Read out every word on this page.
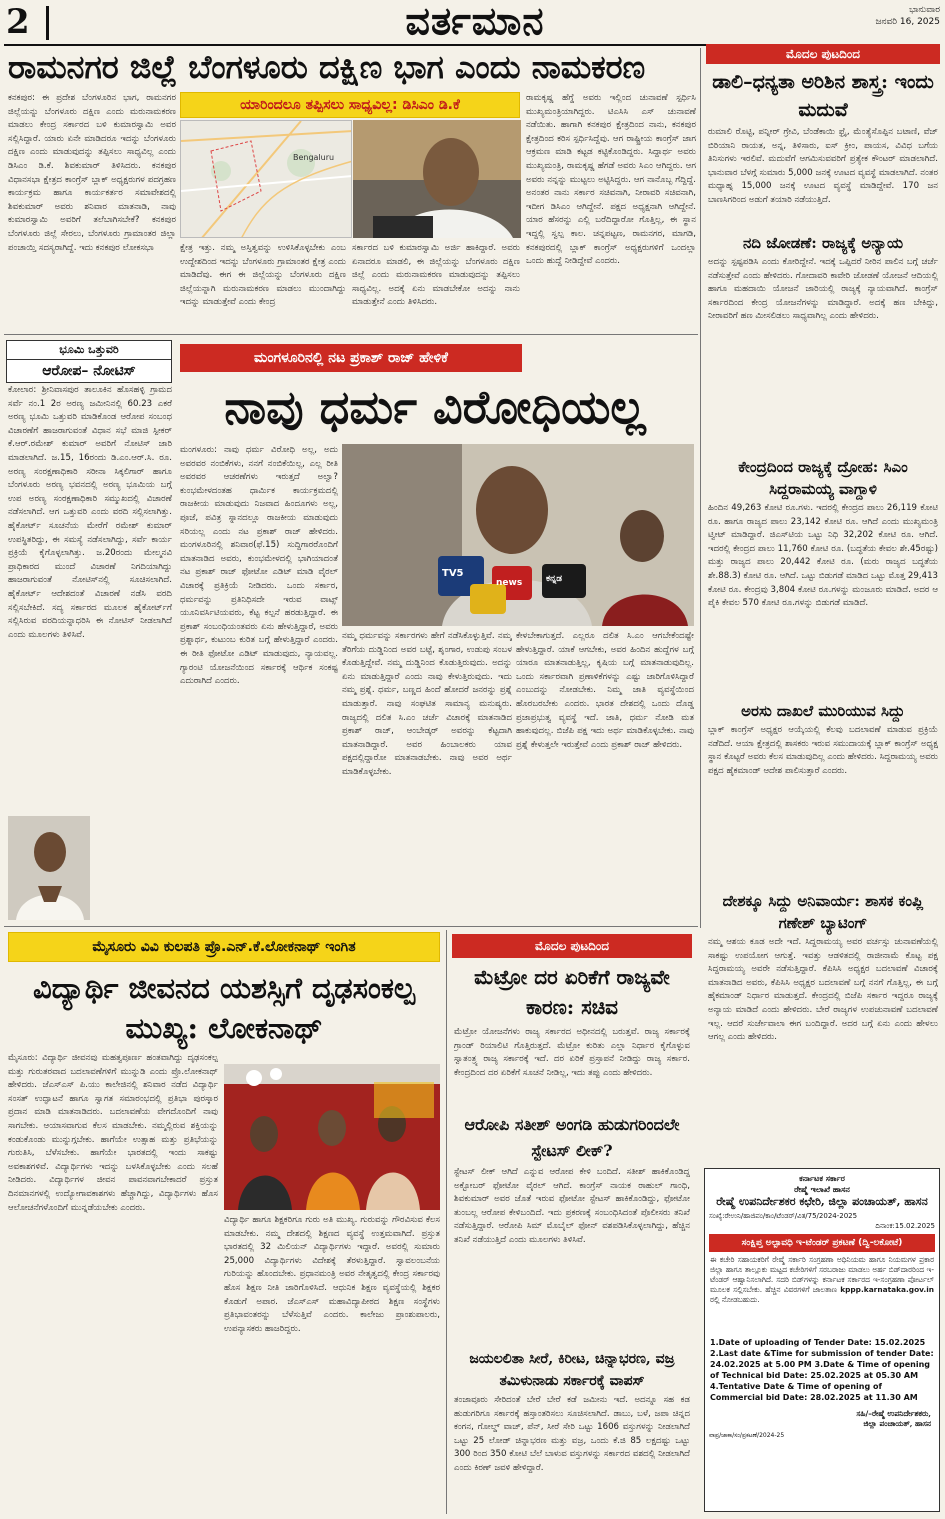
2	ವರ್ತಮಾನ	ಭಾನುವಾರ
ಜನವರಿ 16, 2025
ರಾಮನಗರ ಜಿಲ್ಲೆ ಬೆಂಗಳೂರು ದಕ್ಷಿಣ ಭಾಗ ಎಂದು ನಾಮಕರಣ
ಯಾರಿಂದಲೂ ತಪ್ಪಿಸಲು ಸಾಧ್ಯವಿಲ್ಲ: ಡಿಸಿಎಂ ಡಿ.ಕೆ
Bengaluru
ಕನಕಪುರ: ಈ ಪ್ರದೇಶ ಬೆಂಗಳೂರಿನ ಭಾಗ, ರಾಮನಗರ ಜಿಲ್ಲೆಯನ್ನು ಬೆಂಗಳೂರು ದಕ್ಷಿಣ ಎಂದು ಮರುನಾಮಕರಣ ಮಾಡಲು ಕೇಂದ್ರ ಸರ್ಕಾರದ ಬಳಿ ಕುಮಾರಸ್ವಾಮಿ ಅವರ ಸಲ್ಲಿಸಿದ್ದಾರೆ. ಯಾರು ಏನೇ ಮಾಡಿದರೂ ಇದನ್ನು ಬೆಂಗಳೂರು ದಕ್ಷಿಣ ಎಂದು ಮಾಡುವುದನ್ನು ತಪ್ಪಿಸಲು ಸಾಧ್ಯವಿಲ್ಲ ಎಂದು ಡಿಸಿಎಂ ಡಿ.ಕೆ. ಶಿವಕುಮಾರ್ ತಿಳಿಸಿದರು. ಕನಕಪುರ ವಿಧಾನಸಭಾ ಕ್ಷೇತ್ರದ ಕಾಂಗ್ರೆಸ್ ಬ್ಲಾಕ್ ಅಧ್ಯಕ್ಷರುಗಳ ಪದಗ್ರಹಣ ಕಾರ್ಯಕ್ರಮ ಹಾಗೂ ಕಾರ್ಯಕರ್ತರ ಸಮಾವೇಶದಲ್ಲಿ ಶಿವಕುಮಾರ್ ಅವರು ಶನಿವಾರ ಮಾತನಾಡಿ, ನಾವು ಕುಮಾರಸ್ವಾಮಿ ಅವರಿಗೆ ತಲೆಬಾಗಿಸಬೇಕೆ? ಕನಕಪುರ ಬೆಂಗಳೂರು ಜಿಲ್ಲೆ ಸೇರಲು, ಬೆಂಗಳೂರು ಗ್ರಾಮಾಂತರ ಜಿಲ್ಲಾ ಪಂಚಾಯ್ತಿ ಸದಸ್ಯರಾಗಿದ್ದೆ. ಇದು ಕನಕಪುರ ಲೋಕಸಭಾ	ಕ್ಷೇತ್ರ ಇತ್ತು. ನಮ್ಮ ಅಸ್ತಿತ್ವವನ್ನು ಉಳಿಸಿಕೊಳ್ಳಬೇಕು ಎಂಬ ಉದ್ದೇಶದಿಂದ ಇದನ್ನು ಬೆಂಗಳೂರು ಗ್ರಾಮಾಂತರ ಕ್ಷೇತ್ರ ಎಂದು ಮಾಡಿದೆವು. ಈಗ ಈ ಜಿಲ್ಲೆಯನ್ನು ಬೆಂಗಳೂರು ದಕ್ಷಿಣ ಜಿಲ್ಲೆಯನ್ನಾಗಿ ಮರುನಾಮಕರಣ ಮಾಡಲು ಮುಂದಾಗಿದ್ದು ಇದನ್ನು ಮಾಡುತ್ತೇವೆ ಎಂದು ಕೇಂದ್ರ
ಸರ್ಕಾರದ ಬಳಿ ಕುಮಾರಸ್ವಾಮಿ ಅರ್ಜಿ ಹಾಕಿದ್ದಾರೆ. ಅವರು ಏನಾದರೂ ಮಾಡಲಿ, ಈ ಜಿಲ್ಲೆಯನ್ನು ಬೆಂಗಳೂರು ದಕ್ಷಿಣ ಜಿಲ್ಲೆ ಎಂದು ಮರುನಾಮಕರಣ ಮಾಡುವುದನ್ನು ತಪ್ಪಿಸಲು ಸಾಧ್ಯವಿಲ್ಲ. ಅದಕ್ಕೆ ಏನು ಮಾಡಬೇಕೋ ಅದನ್ನು ನಾನು ಮಾಡುತ್ತೇನೆ ಎಂದು ತಿಳಿಸಿದರು.
ರಾಮಕೃಷ್ಣ ಹೆಗ್ಡೆ ಅವರು ಇಲ್ಲಿಂದ ಚುನಾವಣೆ ಸ್ಪರ್ಧಿಸಿ ಮುಖ್ಯಮಂತ್ರಿಯಾಗಿದ್ದರು. ಟಿಎಸಿಸಿ ಎಸ್ ಚುನಾವಣೆ ನಡೆಯಿತು. ಹಾಗಾಗಿ ಕನಕಪುರ ಕ್ಷೇತ್ರದಿಂದ ನಾನು, ಕನಕಪುರ ಕ್ಷೇತ್ರದಿಂದ ಕರಿಸ ಸ್ಪರ್ಧಿಸಿದ್ದೆವು. ಆಗ ರಾಷ್ಟ್ರೀಯ ಕಾಂಗ್ರೆಸ್ ಜಾಗ ಆಕ್ರಮಣ ಮಾಡಿ ಕಟ್ಟಡ ಕಟ್ಟಿಕೊಂಡಿದ್ದರು. ಸಿದ್ದಾರ್ಥ ಅವರು ಮುಖ್ಯಮಂತ್ರಿ, ರಾಮಕೃಷ್ಣ ಹೆಗಡೆ ಅವರು ಸಿಎಂ ಆಗಿದ್ದರು. ಆಗ ಅವರು ನನ್ನನ್ನು ಮುಟ್ಟಲು ಅಟ್ಟಿಸಿದ್ದರು. ಆಗ ನಾನೊಬ್ಬ ಗೆದ್ದಿದ್ದೆ. ಅನಂತರ ನಾನು ಸರ್ಕಾರ ಸಚಿವನಾಗಿ, ನೀರಾವರಿ ಸಚಿವನಾಗಿ, ಇದೀಗ ಡಿಸಿಎಂ ಆಗಿದ್ದೇನೆ. ಪಕ್ಷದ ಅಧ್ಯಕ್ಷನಾಗಿ ಆಗಿದ್ದೇನೆ. ಯಾರ ಹೆಸರನ್ನು ಎಲ್ಲಿ ಬರೆದಿದ್ದಾರೋ ಗೊತ್ತಿಲ್ಲ, ಈ ಸ್ಥಾನ ಇದ್ದಲ್ಲಿ ಸ್ವಲ್ಪ ಕಾಲ. ಚನ್ನಪಟ್ಟಣ, ರಾಮನಗರ, ಮಾಗಡಿ, ಕನಕಪುರದಲ್ಲಿ ಬ್ಲಾಕ್ ಕಾಂಗ್ರೆಸ್ ಅಧ್ಯಕ್ಷರುಗಳಿಗೆ ಒಂದಲ್ಲಾ ಒಂದು ಹುದ್ದೆ ನೀಡಿದ್ದೇವೆ ಎಂದರು.
ಭೂಮಿ ಒತ್ತುವರಿ
ಆರೋಪ– ನೋಟಿಸ್
ಕೋಲಾರ: ಶ್ರೀನಿವಾಸಪುರ ತಾಲೂಕಿನ ಹೊಸಹಳ್ಳಿ ಗ್ರಾಮದ ಸರ್ವೆ ನಂ.1 2ರ ಅರಣ್ಯ ಜಮೀನಿನಲ್ಲಿ 60.23 ಎಕರೆ ಅರಣ್ಯ ಭೂಮಿ ಒತ್ತುವರಿ ಮಾಡಿಕೊಂಡ ಆರೋಪ ಸಂಬಂಧ ವಿಚಾರಣೆಗೆ ಹಾಜರಾಗುವಂತೆ ವಿಧಾನ ಸಭೆ ಮಾಜಿ ಸ್ಪೀಕರ್ ಕೆ.ಆರ್.ರಮೇಶ್ ಕುಮಾರ್ ಅವರಿಗೆ ನೋಟಿಸ್ ಜಾರಿ ಮಾಡಲಾಗಿದೆ. ಜ.15, 16ರಂದು ಡಿ.ಎಂ.ಆರ್.ಸಿ. ರೂ. ಅರಣ್ಯ ಸಂರಕ್ಷಣಾಧಿಕಾರಿ ಸರೀನಾ ಸಿಕ್ಕಲಿಗಾರ್ ಹಾಗೂ ಬೆಂಗಳೂರು ಅರಣ್ಯ ಭವನದಲ್ಲಿ ಅರಣ್ಯ ಭೂಮಿಯ ಬಗ್ಗೆ ಉಪ ಅರಣ್ಯ ಸಂರಕ್ಷಣಾಧಿಕಾರಿ ಸಮ್ಮುಖದಲ್ಲಿ ವಿಚಾರಣೆ ನಡೆಸಲಾಗಿದೆ. ಆಗ ಒತ್ತುವರಿ ಎಂದು ವರದಿ ಸಲ್ಲಿಸಲಾಗಿತ್ತು. ಹೈಕೋರ್ಟ್ ಸೂಚನೆಯ ಮೇರೆಗೆ ರಮೇಶ್ ಕುಮಾರ್ ಉಪಸ್ಥಿತರಿದ್ದು, ಈ ಸಮಸ್ಯೆ ನಡೆಸಲಾಗಿದ್ದು, ಸರ್ವೆ ಕಾರ್ಯ ಪ್ರಕ್ರಿಯೆ ಕೈಗೊಳ್ಳಲಾಗಿತ್ತು. ಜ.20ರಂದು ಮೇಲ್ಮನವಿ ಪ್ರಾಧಿಕಾರದ ಮುಂದೆ ವಿಚಾರಣೆ ನಿಗದಿಯಾಗಿದ್ದು ಹಾಜರಾಗುವಂತೆ ನೋಟಿಸ್‌ನಲ್ಲಿ ಸೂಚಿಸಲಾಗಿದೆ. ಹೈಕೋರ್ಟ್ ಆದೇಶದಂತೆ ವಿಚಾರಣೆ ನಡೆಸಿ ವರದಿ ಸಲ್ಲಿಸಬೇಕಿದೆ. ಸದ್ಯ ಸರ್ಕಾರದ ಮೂಲಕ ಹೈಕೋರ್ಟ್‌ಗೆ ಸಲ್ಲಿಸಿರುವ ವರದಿಯನ್ನಾಧರಿಸಿ ಈ ನೋಟಿಸ್ ನೀಡಲಾಗಿದೆ ಎಂದು ಮೂಲಗಳು ತಿಳಿಸಿವೆ.
ಮಂಗಳೂರಿನಲ್ಲಿ ನಟ ಪ್ರಕಾಶ್ ರಾಜ್ ಹೇಳಿಕೆ
ನಾವು ಧರ್ಮ ವಿರೋಧಿಯಲ್ಲ
TV5
news	ಕನ್ನಡ
ಮಂಗಳೂರು: ನಾವು ಧರ್ಮ ವಿರೋಧಿ ಅಲ್ಲ, ಅದು ಅವರವರ ನಂಬಿಕೆಗಳು, ನನಗೆ ನಂಬಿಕೆಯಿಲ್ಲ, ಎಲ್ಲ ರೀತಿ ಅವರವರ ಆಚರಣೆಗಳು ಇರುತ್ತದೆ ಅಲ್ವಾ? ಕುಂಭಮೇಳದಂತಹ ಧಾರ್ಮಿಕ ಕಾರ್ಯಕ್ರಮದಲ್ಲಿ ರಾಜಕೀಯ ಮಾಡುವುದು ನಿಜವಾದ ಹಿಂದೂಗಳು ಅಲ್ಲ, ಪೂಜೆ, ಪವಿತ್ರ ಸ್ನಾನದಲ್ಲೂ ರಾಜಕೀಯ ಮಾಡುವುದು ಸರಿಯಲ್ಲ ಎಂದು ನಟ ಪ್ರಕಾಶ್ ರಾಜ್ ಹೇಳಿದರು. ಮಂಗಳೂರಿನಲ್ಲಿ ಶನಿವಾರ(ಫೆ.15) ಸುದ್ದಿಗಾರರೊಂದಿಗೆ ಮಾತನಾಡಿದ ಅವರು, ಕುಂಭಮೇಳದಲ್ಲಿ ಭಾಗಿಯಾದಂತೆ ನಟ ಪ್ರಕಾಶ್ ರಾಜ್ ಫೋಟೋ ಎಡಿಟ್ ಮಾಡಿ ವೈರಲ್ ವಿಚಾರಕ್ಕೆ ಪ್ರತಿಕ್ರಿಯೆ ನೀಡಿದರು. ಒಂದು ಸರ್ಕಾರ, ಧರ್ಮವನ್ನು ಪ್ರತಿನಿಧಿಸದೇ ಇರುವ ವಾಟ್ಸ್ ಯೂನಿವರ್ಸಿಟಿಯವರು, ಕೆಟ್ಟ ಕಲ್ಪನೆ ಹರಡುತ್ತಿದ್ದಾರೆ. ಈ ಪ್ರಕಾಶ್ ಸಂಬಂಧಿಯಂತವರು ಏನು ಹೇಳುತ್ತಿದ್ದಾರೆ, ಅವರು ಪ್ರಶ್ನಾರ್ಥ, ಕುಟುಂಬ ಕುರಿತ ಬಗ್ಗೆ ಹೇಳುತ್ತಿದ್ದಾರೆ ಎಂದರು. ಈ ರೀತಿ ಫೋಟೋ ಎಡಿಟ್ ಮಾಡುವುದು, ನ್ಯಾಯವಲ್ಲ. ಗ್ಯಾರಂಟಿ ಯೋಜನೆಯಿಂದ ಸರ್ಕಾರಕ್ಕೆ ಆರ್ಥಿಕ ಸಂಕಷ್ಟ ಎದುರಾಗಿದೆ ಎಂದರು.
ನಮ್ಮ ಧರ್ಮವನ್ನು ಸರ್ಕಾರಗಳು ಹೇಗೆ ನಡೆಸಿಕೊಳ್ಳುತ್ತಿವೆ. ನಮ್ಮ ತೆರಿಗೆಯ ದುಡ್ಡಿನಿಂದ ಅವರ ಬಟ್ಟೆ, ಶೃಂಗಾರ, ಉಡುಪು ಸಂಬಳ ಕೊಡುತ್ತಿದ್ದೇವೆ. ನಮ್ಮ ದುಡ್ಡಿನಿಂದ ಕೊಡುತ್ತಿರುವುದು. ಅದನ್ನು ಏನು ಮಾಡುತ್ತಿದ್ದಾರೆ ಎಂದು ನಾವು ಕೇಳುತ್ತಿರುವುದು. ಇದು ನಮ್ಮ ಪ್ರಶ್ನೆ. ಧರ್ಮ, ಬಣ್ಣದ ಹಿಂದೆ ಹೋದರೆ ಜನರನ್ನು ಪ್ರಶ್ನೆ ಮಾಡುತ್ತಾರೆ. ನಾವು ಸಂಘಟಿತ ಸಾಮಾನ್ಯ ಮನುಷ್ಯರು. ರಾಜ್ಯದಲ್ಲಿ ದಲಿತ ಸಿ.ಎಂ ಚರ್ಚೆ ವಿಚಾರಕ್ಕೆ ಮಾತನಾಡಿದ ಪ್ರಕಾಶ್ ರಾಜ್, ಆಂಬೇಡ್ಕರ್ ಅವರನ್ನು ಕೆಟ್ಟದಾಗಿ ಮಾತನಾಡಿದ್ದಾರೆ. ಅವರ ಹಿಂಬಾಲಕರು ಯಾವ ಪಕ್ಷದಲ್ಲಿದ್ದಾರೋ ಮಾತನಾಡಬೇಕು. ನಾವು ಅವರ ಅರ್ಥ ಮಾಡಿಕೊಳ್ಳಬೇಕು.
ಕೇಳಬೇಕಾಗುತ್ತದೆ. ಎಲ್ಲರೂ ದಲಿತ ಸಿ.ಎಂ ಆಗಬೇಕೆಂದಷ್ಟೇ ಹೇಳುತ್ತಿದ್ದಾರೆ. ಯಾಕೆ ಆಗಬೇಕು, ಅವರ ಹಿಂದಿನ ಹುದ್ದೆಗಳ ಬಗ್ಗೆ ಯಾರೂ ಮಾತನಾಡುತ್ತಿಲ್ಲ, ಕೃಷಿಯ ಬಗ್ಗೆ ಮಾತನಾಡುವುದಿಲ್ಲ. ಒಂದು ಸರ್ಕಾರವಾಗಿ ಪ್ರಣಾಳಿಕೆಗಳನ್ನು ಎಷ್ಟು ಜಾರಿಗೊಳಿಸಿದ್ದಾರೆ ಎಂಬುದನ್ನು ನೋಡಬೇಕು. ನಿಮ್ಮ ಜಾತಿ ವ್ಯವಸ್ಥೆಯಿಂದ ಹೊರಬರಬೇಕು ಎಂದರು. ಭಾರತ ದೇಶದಲ್ಲಿ ಒಂದು ದೊಡ್ಡ ಪ್ರಜಾಪ್ರಭುತ್ವ ವ್ಯವಸ್ಥೆ ಇದೆ. ಜಾತಿ, ಧರ್ಮ ನೋಡಿ ಮತ ಹಾಕುವುದಲ್ಲ. ಬಿಜೆಪಿ ಪಕ್ಷ ಇದು ಅರ್ಥ ಮಾಡಿಕೊಳ್ಳಬೇಕು. ನಾವು ಪ್ರಶ್ನೆ ಕೇಳುತ್ತಲೇ ಇರುತ್ತೇವೆ ಎಂದು ಪ್ರಕಾಶ್ ರಾಜ್ ಹೇಳಿದರು.
ಮೊದಲ ಪುಟದಿಂದ
ಡಾಲಿ–ಧನ್ಯತಾ ಅರಿಶಿನ ಶಾಸ್ತ್ರ: ಇಂದು ಮದುವೆ
ರುಮಾಲಿ ರೊಟ್ಟಿ, ಪನ್ನೀರ್ ಗ್ರೇವಿ, ಬೆಂಡೆಕಾಯಿ ಫ್ರೈ, ಮೆಂತ್ಯೆಸೊಪ್ಪಿನ ಬಟಾಣಿ, ವೆಜ್ ಬಿರಿಯಾನಿ ರಾಯತ, ಅನ್ನ, ತಿಳಿಸಾರು, ಐಸ್ ಕ್ರೀಂ, ಪಾಯಸ, ವಿವಿಧ ಬಗೆಯ ತಿನಿಸುಗಳು ಇರಲಿವೆ. ಮದುವೆಗೆ ಆಗಮಿಸುವವರಿಗೆ ಪ್ರತ್ಯೇಕ ಕೌಂಟರ್ ಮಾಡಲಾಗಿದೆ. ಭಾನುವಾರ ಬೆಳಗ್ಗೆ ಸುಮಾರು 5,000 ಜನಕ್ಕೆ ಊಟದ ವ್ಯವಸ್ಥೆ ಮಾಡಲಾಗಿದೆ. ನಂತರ ಮಧ್ಯಾಹ್ನ 15,000 ಜನಕ್ಕೆ ಊಟದ ವ್ಯವಸ್ಥೆ ಮಾಡಿದ್ದೇವೆ. 170 ಜನ ಬಾಣಸಿಗರಿಂದ ಅಡುಗೆ ತಯಾರಿ ನಡೆಯುತ್ತಿದೆ.
ನದಿ ಜೋಡಣೆ: ರಾಜ್ಯಕ್ಕೆ ಅನ್ಯಾಯ
ಅದನ್ನು ಸ್ಪಷ್ಟಪಡಿಸಿ ಎಂದು ಕೋರಿದ್ದೇನೆ. ಇದಕ್ಕೆ ಒಪ್ಪಿದರೆ ನೀರಿನ ಪಾಲಿನ ಬಗ್ಗೆ ಚರ್ಚೆ ನಡೆಸುತ್ತೇವೆ ಎಂದು ಹೇಳಿದರು. ಗೋದಾವರಿ ಕಾವೇರಿ ಜೋಡಣೆ ಯೋಜನೆ ಆದಿಯಲ್ಲಿ ಹಾಗೂ ಮಹದಾಯಿ ಯೋಜನೆ ಜಾರಿಯಲ್ಲಿ ರಾಜ್ಯಕ್ಕೆ ನ್ಯಾಯವಾಗಿದೆ. ಕಾಂಗ್ರೆಸ್ ಸರ್ಕಾರದಿಂದ ಕೇಂದ್ರ ಯೋಜನೆಗಳನ್ನು ಮಾಡಿದ್ದಾರೆ. ಅದಕ್ಕೆ ಹಣ ಬೇಕಿದ್ದು, ನೀರಾವರಿಗೆ ಹಣ ಮೀಸಲಿಡಲು ಸಾಧ್ಯವಾಗಿಲ್ಲ ಎಂದು ಹೇಳಿದರು.
ಕೇಂದ್ರದಿಂದ ರಾಜ್ಯಕ್ಕೆ ದ್ರೋಹ: ಸಿಎಂ ಸಿದ್ದರಾಮಯ್ಯ ವಾಗ್ದಾಳಿ
ಹಿಂದಿನ 49,263 ಕೋಟಿ ರೂ.ಗಳು. ಇದರಲ್ಲಿ ಕೇಂದ್ರದ ಪಾಲು 26,119 ಕೋಟಿ ರೂ. ಹಾಗೂ ರಾಜ್ಯದ ಪಾಲು 23,142 ಕೋಟಿ ರೂ. ಆಗಿದೆ ಎಂದು ಮುಖ್ಯಮಂತ್ರಿ ಟ್ವೀಟ್ ಮಾಡಿದ್ದಾರೆ. ಜಿಎಸ್‌ಟಿಯ ಒಟ್ಟು ನಿಧಿ 32,202 ಕೋಟಿ ರೂ. ಆಗಿದೆ. ಇದರಲ್ಲಿ ಕೇಂದ್ರದ ಪಾಲು 11,760 ಕೋಟಿ ರೂ. (ಬದ್ಧತೆಯ ಕೇವಲ ಶೇ.45ರಷ್ಟು) ಮತ್ತು ರಾಜ್ಯದ ಪಾಲು 20,442 ಕೋಟಿ ರೂ. (ಮರು ರಾಜ್ಯದ ಬದ್ಧತೆಯ ಶೇ.88.3) ಕೋಟಿ ರೂ. ಆಗಿದೆ. ಒಟ್ಟು ಬಿಡುಗಡೆ ಮಾಡಿದ ಒಟ್ಟು ಮೊತ್ತ 29,413 ಕೋಟಿ ರೂ. ಕೇಂದ್ರವು 3,804 ಕೋಟಿ ರೂ.ಗಳನ್ನು ಮಂಜೂರು ಮಾಡಿದೆ. ಅದರ ಆ ಪೈಕಿ ಕೇವಲ 570 ಕೋಟಿ ರೂ.ಗಳನ್ನು ಬಿಡುಗಡೆ ಮಾಡಿದೆ.
ಅರಸು ದಾಖಲೆ ಮುರಿಯುವ ಸಿದ್ದು
ಬ್ಲಾಕ್ ಕಾಂಗ್ರೆಸ್ ಅಧ್ಯಕ್ಷರ ಆಯ್ಕೆಯಲ್ಲಿ ಕೆಲವು ಬದಲಾವಣೆ ಮಾಡುವ ಪ್ರಕ್ರಿಯೆ ನಡೆದಿದೆ. ಆಯಾ ಕ್ಷೇತ್ರದಲ್ಲಿ ಶಾಸಕರು ಇರುವ ಸಮುದಾಯಕ್ಕೆ ಬ್ಲಾಕ್ ಕಾಂಗ್ರೆಸ್ ಅಧ್ಯಕ್ಷ ಸ್ಥಾನ ಕೊಟ್ಟರೆ ಅವರು ಕೆಲಸ ಮಾಡುವುದಿಲ್ಲ ಎಂದು ಹೇಳಿದರು. ಸಿದ್ದರಾಮಯ್ಯ ಅವರು ಪಕ್ಷದ ಹೈಕಮಾಂಡ್ ಆದೇಶ ಪಾಲಿಸುತ್ತಾರೆ ಎಂದರು.
ದೇಶಕ್ಕೂ ಸಿದ್ದು ಅನಿವಾರ್ಯ: ಶಾಸಕ ಕಂಪ್ಲಿ ಗಣೇಶ್ ಬ್ಯಾಟಿಂಗ್
ನಮ್ಮ ಆಶಯ ಕೂಡ ಅದೇ ಇದೆ. ಸಿದ್ದರಾಮಯ್ಯ ಅವರ ವರ್ಚಸ್ಸು ಚುನಾವಣೆಯಲ್ಲಿ ಸಾಕಷ್ಟು ಉಪಯೋಗ ಆಗುತ್ತೆ. ಇವತ್ತು ಆಡಳಿತದಲ್ಲಿ ರಾಜೀನಾಮೆ ಕೊಟ್ಟ ಪಕ್ಷ ಸಿದ್ದರಾಮಯ್ಯ ಅವರೇ ನಡೆಸುತ್ತಿದ್ದಾರೆ. ಕೆಪಿಸಿಸಿ ಅಧ್ಯಕ್ಷರ ಬದಲಾವಣೆ ವಿಚಾರಕ್ಕೆ ಮಾತನಾಡಿದ ಅವರು, ಕೆಪಿಸಿಸಿ ಅಧ್ಯಕ್ಷರ ಬದಲಾವಣೆ ಬಗ್ಗೆ ನನಗೆ ಗೊತ್ತಿಲ್ಲ, ಈ ಬಗ್ಗೆ ಹೈಕಮಾಂಡ್ ನಿರ್ಧಾರ ಮಾಡುತ್ತದೆ. ಕೇಂದ್ರದಲ್ಲಿ ಬಿಜೆಪಿ ಸರ್ಕಾರ ಇದ್ದರೂ ರಾಜ್ಯಕ್ಕೆ ಅನ್ಯಾಯ ಮಾಡಿದೆ ಎಂದು ಹೇಳಿದರು. ಬೇರೆ ರಾಜ್ಯಗಳ ಉಪಚುನಾವಣೆ ಬದಲಾವಣೆ ಇಲ್ಲ. ಆದರೆ ಸುರ್ಜೇವಾಲಾ ಈಗ ಬಂದಿದ್ದಾರೆ. ಅದರ ಬಗ್ಗೆ ಏನು ಎಂದು ಹೇಳಲು ಆಗಲ್ಲ ಎಂದು ಹೇಳಿದರು.
ಮೈಸೂರು ವಿವಿ ಕುಲಪತಿ ಪ್ರೊ.ಎನ್.ಕೆ.ಲೋಕನಾಥ್ ಇಂಗಿತ
ವಿದ್ಯಾರ್ಥಿ ಜೀವನದ ಯಶಸ್ಸಿಗೆ ದೃಢಸಂಕಲ್ಪ ಮುಖ್ಯ: ಲೋಕನಾಥ್
ಮೈಸೂರು: ವಿದ್ಯಾರ್ಥಿ ಜೀವನವು ಮಹತ್ವಪೂರ್ಣ ಹಂತವಾಗಿದ್ದು ದೃಢಸಂಕಲ್ಪ ಮತ್ತು ಗುರುತರವಾದ ಬದಲಾವಣೆಗಳಿಗೆ ಮುನ್ನುಡಿ ಎಂದು ಪ್ರೊ.ಲೋಕನಾಥ್ ಹೇಳಿದರು. ಜೆಎಸ್‌ಎಸ್ ಪಿ.ಯು ಕಾಲೇಜಿನಲ್ಲಿ ಶನಿವಾರ ನಡೆದ ವಿದ್ಯಾರ್ಥಿ ಸಂಸತ್ ಉದ್ಘಾಟನೆ ಹಾಗೂ ಸ್ವಾಗತ ಸಮಾರಂಭದಲ್ಲಿ ಪ್ರತಿಭಾ ಪುರಸ್ಕಾರ ಪ್ರದಾನ ಮಾಡಿ ಮಾತನಾಡಿದರು. ಬದಲಾವಣೆಯ ವೇಗದೊಂದಿಗೆ ನಾವು ಸಾಗಬೇಕು. ಆಯಾಸವಾಗುವ ಕೆಲಸ ಮಾಡಬೇಕು. ನಮ್ಮಲ್ಲಿರುವ ಶಕ್ತಿಯನ್ನು ಕಂಡುಕೊಂಡು ಮುನ್ನುಗ್ಗಬೇಕು. ಹಾಗೆಯೇ ಉತ್ಸಾಹ ಮತ್ತು ಪ್ರತಿಭೆಯನ್ನು ಗುರುತಿಸಿ, ಬೆಳೆಸಬೇಕು. ಹಾಗೆಯೇ ಭಾರತದಲ್ಲಿ ಇಂದು ಸಾಕಷ್ಟು ಅವಕಾಶಗಳಿವೆ. ವಿದ್ಯಾರ್ಥಿಗಳು ಇದನ್ನು ಬಳಸಿಕೊಳ್ಳಬೇಕು ಎಂದು ಸಲಹೆ ನೀಡಿದರು. ವಿದ್ಯಾರ್ಥಿಗಳ ಜೀವನ ಪಾವನವಾಗಬೇಕಾದರೆ ಪ್ರಸ್ತುತ ದಿನಮಾನಗಳಲ್ಲಿ ಉದ್ಯೋಗಾವಕಾಶಗಳು ಹೆಚ್ಚಾಗಿದ್ದು, ವಿದ್ಯಾರ್ಥಿಗಳು ಹೊಸ ಆಲೋಚನೆಗಳೊಂದಿಗೆ ಮುನ್ನಡೆಯಬೇಕು ಎಂದರು.
ವಿದ್ಯಾರ್ಥಿ ಹಾಗೂ ಶಿಕ್ಷಕರಿಗೂ ಗುರು ಅತಿ ಮುಖ್ಯ. ಗುರುವನ್ನು ಗೌರವಿಸುವ ಕೆಲಸ ಮಾಡಬೇಕು. ನಮ್ಮ ದೇಶದಲ್ಲಿ ಶಿಕ್ಷಣದ ವ್ಯವಸ್ಥೆ ಉತ್ತಮವಾಗಿದೆ. ಪ್ರಸ್ತುತ ಭಾರತದಲ್ಲಿ 32 ಮಿಲಿಯನ್ ವಿದ್ಯಾರ್ಥಿಗಳು ಇದ್ದಾರೆ. ಅವರಲ್ಲಿ ಸುಮಾರು 25,000 ವಿದ್ಯಾರ್ಥಿಗಳು ವಿದೇಶಕ್ಕೆ ತೆರಳುತ್ತಿದ್ದಾರೆ. ಸ್ವಾವಲಂಬನೆಯ ಗುರಿಯನ್ನು ಹೊಂದಬೇಕು. ಪ್ರಧಾನಮಂತ್ರಿ ಅವರ ನೇತೃತ್ವದಲ್ಲಿ ಕೇಂದ್ರ ಸರ್ಕಾರವು ಹೊಸ ಶಿಕ್ಷಣ ನೀತಿ ಜಾರಿಗೊಳಿಸಿದೆ. ಆಧುನಿಕ ಶಿಕ್ಷಣ ವ್ಯವಸ್ಥೆಯಲ್ಲಿ ಶಿಕ್ಷಕರ ಕೊಡುಗೆ ಅಪಾರ. ಜೆಎಸ್‌ಎಸ್ ಮಹಾವಿದ್ಯಾಪೀಠದ ಶಿಕ್ಷಣ ಸಂಸ್ಥೆಗಳು ಪ್ರತಿಭಾವಂತರನ್ನು ಬೆಳೆಸುತ್ತಿವೆ ಎಂದರು. ಕಾಲೇಜು ಪ್ರಾಂಶುಪಾಲರು, ಉಪನ್ಯಾಸಕರು ಹಾಜರಿದ್ದರು.
ಮೊದಲ ಪುಟದಿಂದ
ಮೆಟ್ರೋ ದರ ಏರಿಕೆಗೆ ರಾಜ್ಯವೇ ಕಾರಣ: ಸಚಿವ
ಮೆಟ್ರೋ ಯೋಜನೆಗಳು ರಾಜ್ಯ ಸರ್ಕಾರದ ಅಧೀನದಲ್ಲಿ ಬರುತ್ತವೆ. ರಾಜ್ಯ ಸರ್ಕಾರಕ್ಕೆ ಗ್ರಾಂಡ್ ರಿಯಾಲಿಟಿ ಗೊತ್ತಿರುತ್ತದೆ. ಮೆಟ್ರೋ ಕುರಿತು ಎಲ್ಲಾ ನಿರ್ಧಾರ ಕೈಗೊಳ್ಳುವ ಸ್ವಾತಂತ್ರ್ಯ ರಾಜ್ಯ ಸರ್ಕಾರಕ್ಕೆ ಇದೆ. ದರ ಏರಿಕೆ ಪ್ರಸ್ತಾಪನೆ ನೀಡಿದ್ದು ರಾಜ್ಯ ಸರ್ಕಾರ. ಕೇಂದ್ರದಿಂದ ದರ ಏರಿಕೆಗೆ ಸೂಚನೆ ನೀಡಿಲ್ಲ, ಇದು ತಪ್ಪು ಎಂದು ಹೇಳಿದರು.
ಆರೋಪಿ ಸತೀಶ್ ಅಂಗಡಿ ಹುಡುಗರಿಂದಲೇ ಸ್ಟೇಟಸ್ ಲೀಕ್?
ಸ್ಟೇಟಸ್ ಲೀಕ್ ಆಗಿದೆ ಎನ್ನುವ ಆರೋಪ ಕೇಳಿ ಬಂದಿದೆ. ಸತೀಶ್ ಹಾಕಿಕೊಂಡಿದ್ದ ಅಕ್ಟೋಬರ್ ಫೋಟೋ ವೈರಲ್ ಆಗಿದೆ. ಕಾಂಗ್ರೆಸ್ ನಾಯಕ ರಾಹುಲ್ ಗಾಂಧಿ, ಶಿವಕುಮಾರ್ ಅವರ ಜೊತೆ ಇರುವ ಫೋಟೋ ಸ್ಟೇಟಸ್ ಹಾಕಿಕೊಂಡಿದ್ದು, ಫೋಟೋ ತುಂಬಲ್ಲ ಆರೋಪ ಕೇಳಿಬಂದಿದೆ. ಇದು ಪ್ರಕರಣಕ್ಕೆ ಸಂಬಂಧಿಸಿದಂತೆ ಪೊಲೀಸರು ತನಿಖೆ ನಡೆಸುತ್ತಿದ್ದಾರೆ. ಆರೋಪಿ ಸಿಮ್ ಮೊಬೈಲ್ ಫೋನ್ ವಶಪಡಿಸಿಕೊಳ್ಳಲಾಗಿದ್ದು, ಹೆಚ್ಚಿನ ತನಿಖೆ ನಡೆಯುತ್ತಿದೆ ಎಂದು ಮೂಲಗಳು ತಿಳಿಸಿವೆ.
ಜಯಲಲಿತಾ ಸೀರೆ, ಕಿರೀಟ, ಚಿನ್ನಾಭರಣ, ವಜ್ರ ತಮಿಳುನಾಡು ಸರ್ಕಾರಕ್ಕೆ ವಾಪಸ್
ತಂಜಾವೂರು ಸೇರಿದಂತೆ ಬೇರೆ ಬೇರೆ ಕಡೆ ಜಮೀನು ಇದೆ. ಅದನ್ನೂ ಸಹ ಕಡ ಹುಡುಗರಿಗೂ ಸರ್ಕಾರಕ್ಕೆ ಹಸ್ತಾಂತರಿಸಲು ಸೂಚಿಸಲಾಗಿದೆ. ಡಾಬು, ಬಳೆ, ಜಪಾ ಚಿನ್ನದ ಕಂಗನ, ಗೋಲ್ಡ್ ವಾಚ್, ಪೆನ್, ಸೀರೆ ಸೇರಿ ಒಟ್ಟು 1606 ವಸ್ತುಗಳನ್ನು ನೀಡಲಾಗಿದೆ ಒಟ್ಟು 25 ಲೋಡ್ ಚಿನ್ನಾಭರಣ ಮತ್ತು ವಜ್ರ, ಒಂದು ಕೆ.ಜಿ 85 ಲಕ್ಷದಷ್ಟು ಒಟ್ಟು 300 ರಿಂದ 350 ಕೋಟಿ ಬೆಲೆ ಬಾಳುವ ವಸ್ತುಗಳನ್ನು ಸರ್ಕಾರದ ವಶದಲ್ಲಿ ನೀಡಲಾಗಿದೆ ಎಂದು ಕಿರಣ್ ಜವಳಿ ಹೇಳಿದ್ದಾರೆ.
ಕರ್ನಾಟಕ ಸರ್ಕಾರ
ರೇಷ್ಮೆ ಇಲಾಖೆ ಹಾಸನ
ರೇಷ್ಮೆ ಉಪನಿರ್ದೇಶಕರ ಕಛೇರಿ, ಜಿಲ್ಲಾ ಪಂಚಾಯತ್, ಹಾಸನ
ಸಂಖ್ಯೆ:ರೇಉನಿ/ಹಾಜಿಪಂ/ಕಾಂ/ಟೆಂಡರ್/ವಿತ/75/2024-2025
ದಿನಾಂಕ:15.02.2025
ಸಂಕ್ಷಿಪ್ತ ಅಲ್ಪಾವಧಿ ಇ-ಟೆಂಡರ್ ಪ್ರಕಟಣೆ (ದ್ವಿ-ಲಕೋಟೆ)
ಈ ಕಚೇರಿ ಸಹಾಯಕರಿಗೆ ರೇಷ್ಮೆ ಸರ್ಕಾರಿ ಸಂಗ್ರಹಣಾ ಅಧಿನಿಯಮ ಹಾಗೂ ನಿಯಮಗಳ ಪ್ರಕಾರ ಜಿಲ್ಲಾ ಹಾಗೂ ತಾಲ್ಲೂಕು ಮಟ್ಟದ ಕಚೇರಿಗಳಿಗೆ ಸರಬರಾಜು ಮಾಡಲು ಅರ್ಹ ಬಿಡ್‌ದಾರರಿಂದ ಇ-ಟೆಂಡರ್ ಆಹ್ವಾನಿಸಲಾಗಿದೆ. ಸದರಿ ಬಿಡ್‌ಗಳನ್ನು ಕರ್ನಾಟಕ ಸರ್ಕಾರದ ಇ-ಸಂಗ್ರಹಣಾ ಪೋರ್ಟಲ್ ಮೂಲಕ ಸಲ್ಲಿಸಬೇಕು. ಹೆಚ್ಚಿನ ವಿವರಗಳಿಗೆ ಜಾಲತಾಣ kppp.karnataka.gov.in ರಲ್ಲಿ ನೋಡಬಹುದು.
1.Date of uploading of Tender Date: 15.02.2025 2.Last date &Time for submission of tender Date: 24.02.2025 at 5.00 PM 3.Date & Time of opening of Technical bid Date: 25.02.2025 at 05.30 AM 4.Tentative Date & Time of opening of Commercial bid Date: 28.02.2025 at 11.30 AM
ಸಹಿ/–ರೇಷ್ಮೆ ಉಪನಿರ್ದೇಶಕರು,
ಜಿಲ್ಲಾ ಪಂಚಾಯತ್, ಹಾಸನ
ವಾಪ್ರ/ಜಾಕಾ/ಸಂ/ಪ್ರಕಟಣೆ/2024-25
